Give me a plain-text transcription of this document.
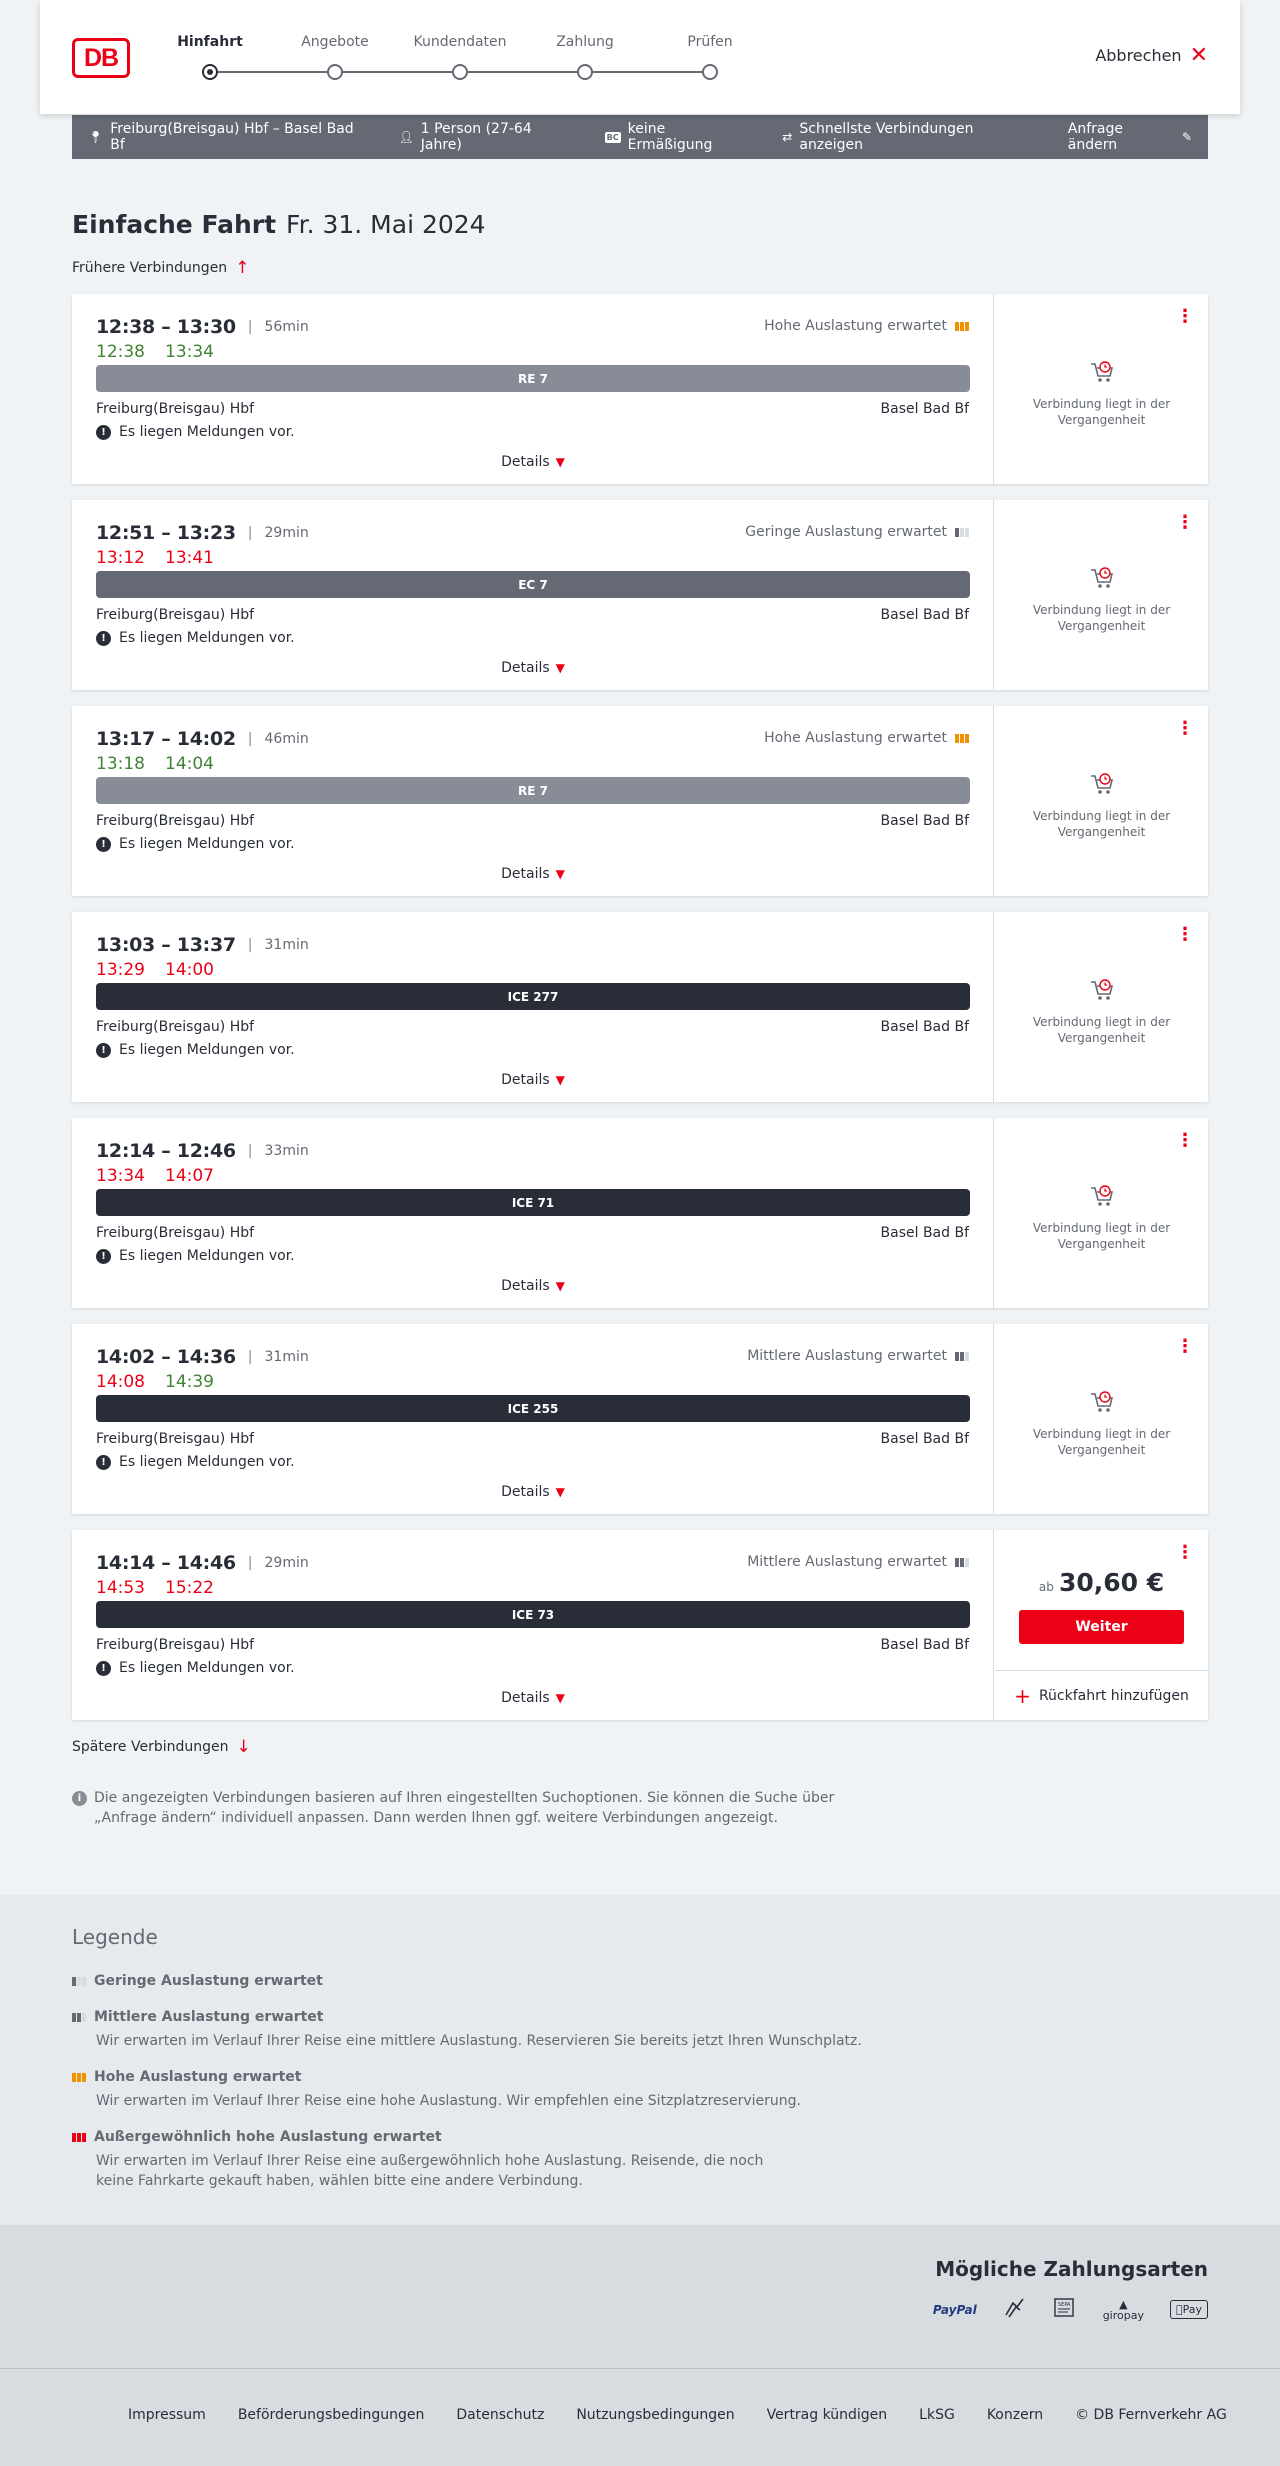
DB
Hinfahrt	Angebote	Kundendaten	Zahlung	Prüfen
Abbrechen ✕
📍︎ Freiburg(Breisgau) Hbf – Basel Bad Bf	👤︎ 1 Person (27-64 Jahre)	BC keine Ermäßigung	⇄ Schnellste Verbindungen anzeigen
Anfrage ändern	✎
Einfache Fahrt Fr. 31. Mai 2024
Frühere Verbindungen ↑
12:38 – 13:30 | 56min
12:38 13:34
Hohe Auslastung erwartet
RE 7
Freiburg(Breisgau) Hbf	Basel Bad Bf
! Es liegen Meldungen vor.
Details ▼
⋮
Verbindung liegt in der Vergangenheit
12:51 – 13:23 | 29min
13:12 13:41
Geringe Auslastung erwartet
EC 7
Freiburg(Breisgau) Hbf	Basel Bad Bf
! Es liegen Meldungen vor.
Details ▼
⋮
Verbindung liegt in der Vergangenheit
13:17 – 14:02 | 46min
13:18 14:04
Hohe Auslastung erwartet
RE 7
Freiburg(Breisgau) Hbf	Basel Bad Bf
! Es liegen Meldungen vor.
Details ▼
⋮
Verbindung liegt in der Vergangenheit
13:03 – 13:37 | 31min
13:29 14:00
ICE 277
Freiburg(Breisgau) Hbf	Basel Bad Bf
! Es liegen Meldungen vor.
Details ▼
⋮
Verbindung liegt in der Vergangenheit
12:14 – 12:46 | 33min
13:34 14:07
ICE 71
Freiburg(Breisgau) Hbf	Basel Bad Bf
! Es liegen Meldungen vor.
Details ▼
⋮
Verbindung liegt in der Vergangenheit
14:02 – 14:36 | 31min
14:08 14:39
Mittlere Auslastung erwartet
ICE 255
Freiburg(Breisgau) Hbf	Basel Bad Bf
! Es liegen Meldungen vor.
Details ▼
⋮
Verbindung liegt in der Vergangenheit
14:14 – 14:46 | 29min
14:53 15:22
Mittlere Auslastung erwartet
ICE 73
Freiburg(Breisgau) Hbf	Basel Bad Bf
! Es liegen Meldungen vor.
Details ▼
⋮
ab 30,60 €
Weiter
+ Rückfahrt hinzufügen
Spätere Verbindungen ↓
i Die angezeigten Verbindungen basieren auf Ihren eingestellten Suchoptionen. Sie können die Suche über „Anfrage ändern“ individuell anpassen. Dann werden Ihnen ggf. weitere Verbindungen angezeigt.
Legende
Geringe Auslastung erwartet
Mittlere Auslastung erwartet
Wir erwarten im Verlauf Ihrer Reise eine mittlere Auslastung. Reservieren Sie bereits jetzt Ihren Wunschplatz.
Hohe Auslastung erwartet
Wir erwarten im Verlauf Ihrer Reise eine hohe Auslastung. Wir empfehlen eine Sitzplatzreservierung.
Außergewöhnlich hohe Auslastung erwartet
Wir erwarten im Verlauf Ihrer Reise eine außergewöhnlich hohe Auslastung. Reisende, die noch keine Fahrkarte gekauft haben, wählen bitte eine andere Verbindung.
Mögliche Zahlungsarten
PayPal	SEPA	▲
giropay	Pay
Impressum Beförderungsbedingungen Datenschutz Nutzungsbedingungen Vertrag kündigen LkSG Konzern © DB Fernverkehr AG
